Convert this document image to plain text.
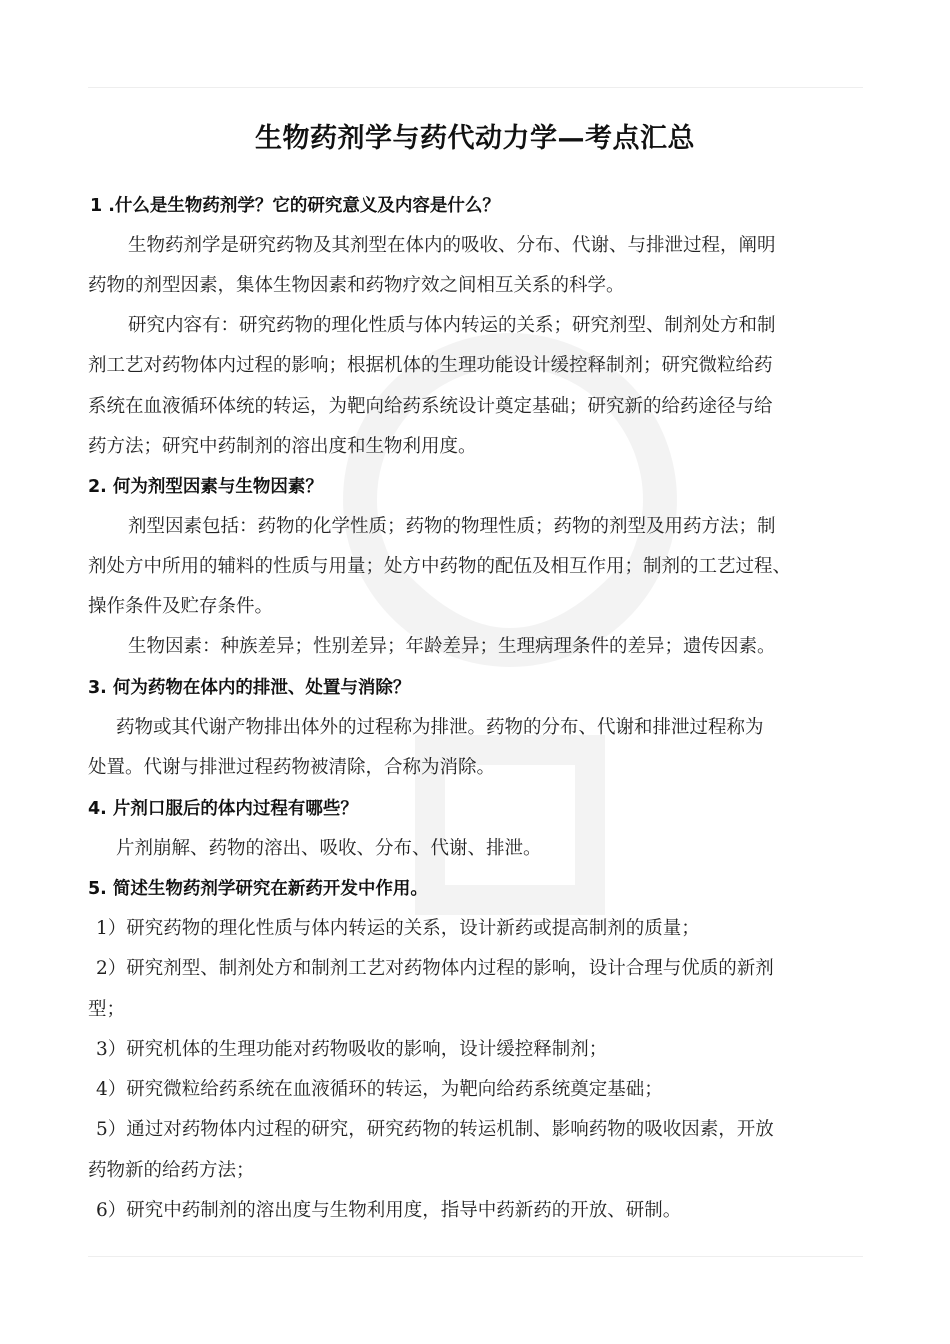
生物药剂学与药代动力学—考点汇总
1 .什么是生物药剂学？它的研究意义及内容是什么？
生物药剂学是研究药物及其剂型在体内的吸收、分布、代谢、与排泄过程，阐明
药物的剂型因素，集体生物因素和药物疗效之间相互关系的科学。
研究内容有：研究药物的理化性质与体内转运的关系；研究剂型、制剂处方和制
剂工艺对药物体内过程的影响；根据机体的生理功能设计缓控释制剂；研究微粒给药
系统在血液循环体统的转运，为靶向给药系统设计奠定基础；研究新的给药途径与给
药方法；研究中药制剂的溶出度和生物利用度。
2. 何为剂型因素与生物因素？
剂型因素包括：药物的化学性质；药物的物理性质；药物的剂型及用药方法；制
剂处方中所用的辅料的性质与用量；处方中药物的配伍及相互作用；制剂的工艺过程、
操作条件及贮存条件。
生物因素：种族差异；性别差异；年龄差异；生理病理条件的差异；遗传因素。
3. 何为药物在体内的排泄、处置与消除？
药物或其代谢产物排出体外的过程称为排泄。药物的分布、代谢和排泄过程称为
处置。代谢与排泄过程药物被清除，合称为消除。
4. 片剂口服后的体内过程有哪些？
片剂崩解、药物的溶出、吸收、分布、代谢、排泄。
5. 简述生物药剂学研究在新药开发中作用。
1）研究药物的理化性质与体内转运的关系，设计新药或提高制剂的质量；
2）研究剂型、制剂处方和制剂工艺对药物体内过程的影响，设计合理与优质的新剂
型；
3）研究机体的生理功能对药物吸收的影响，设计缓控释制剂；
4）研究微粒给药系统在血液循环的转运，为靶向给药系统奠定基础；
5）通过对药物体内过程的研究，研究药物的转运机制、影响药物的吸收因素，开放
药物新的给药方法；
6）研究中药制剂的溶出度与生物利用度，指导中药新药的开放、研制。
